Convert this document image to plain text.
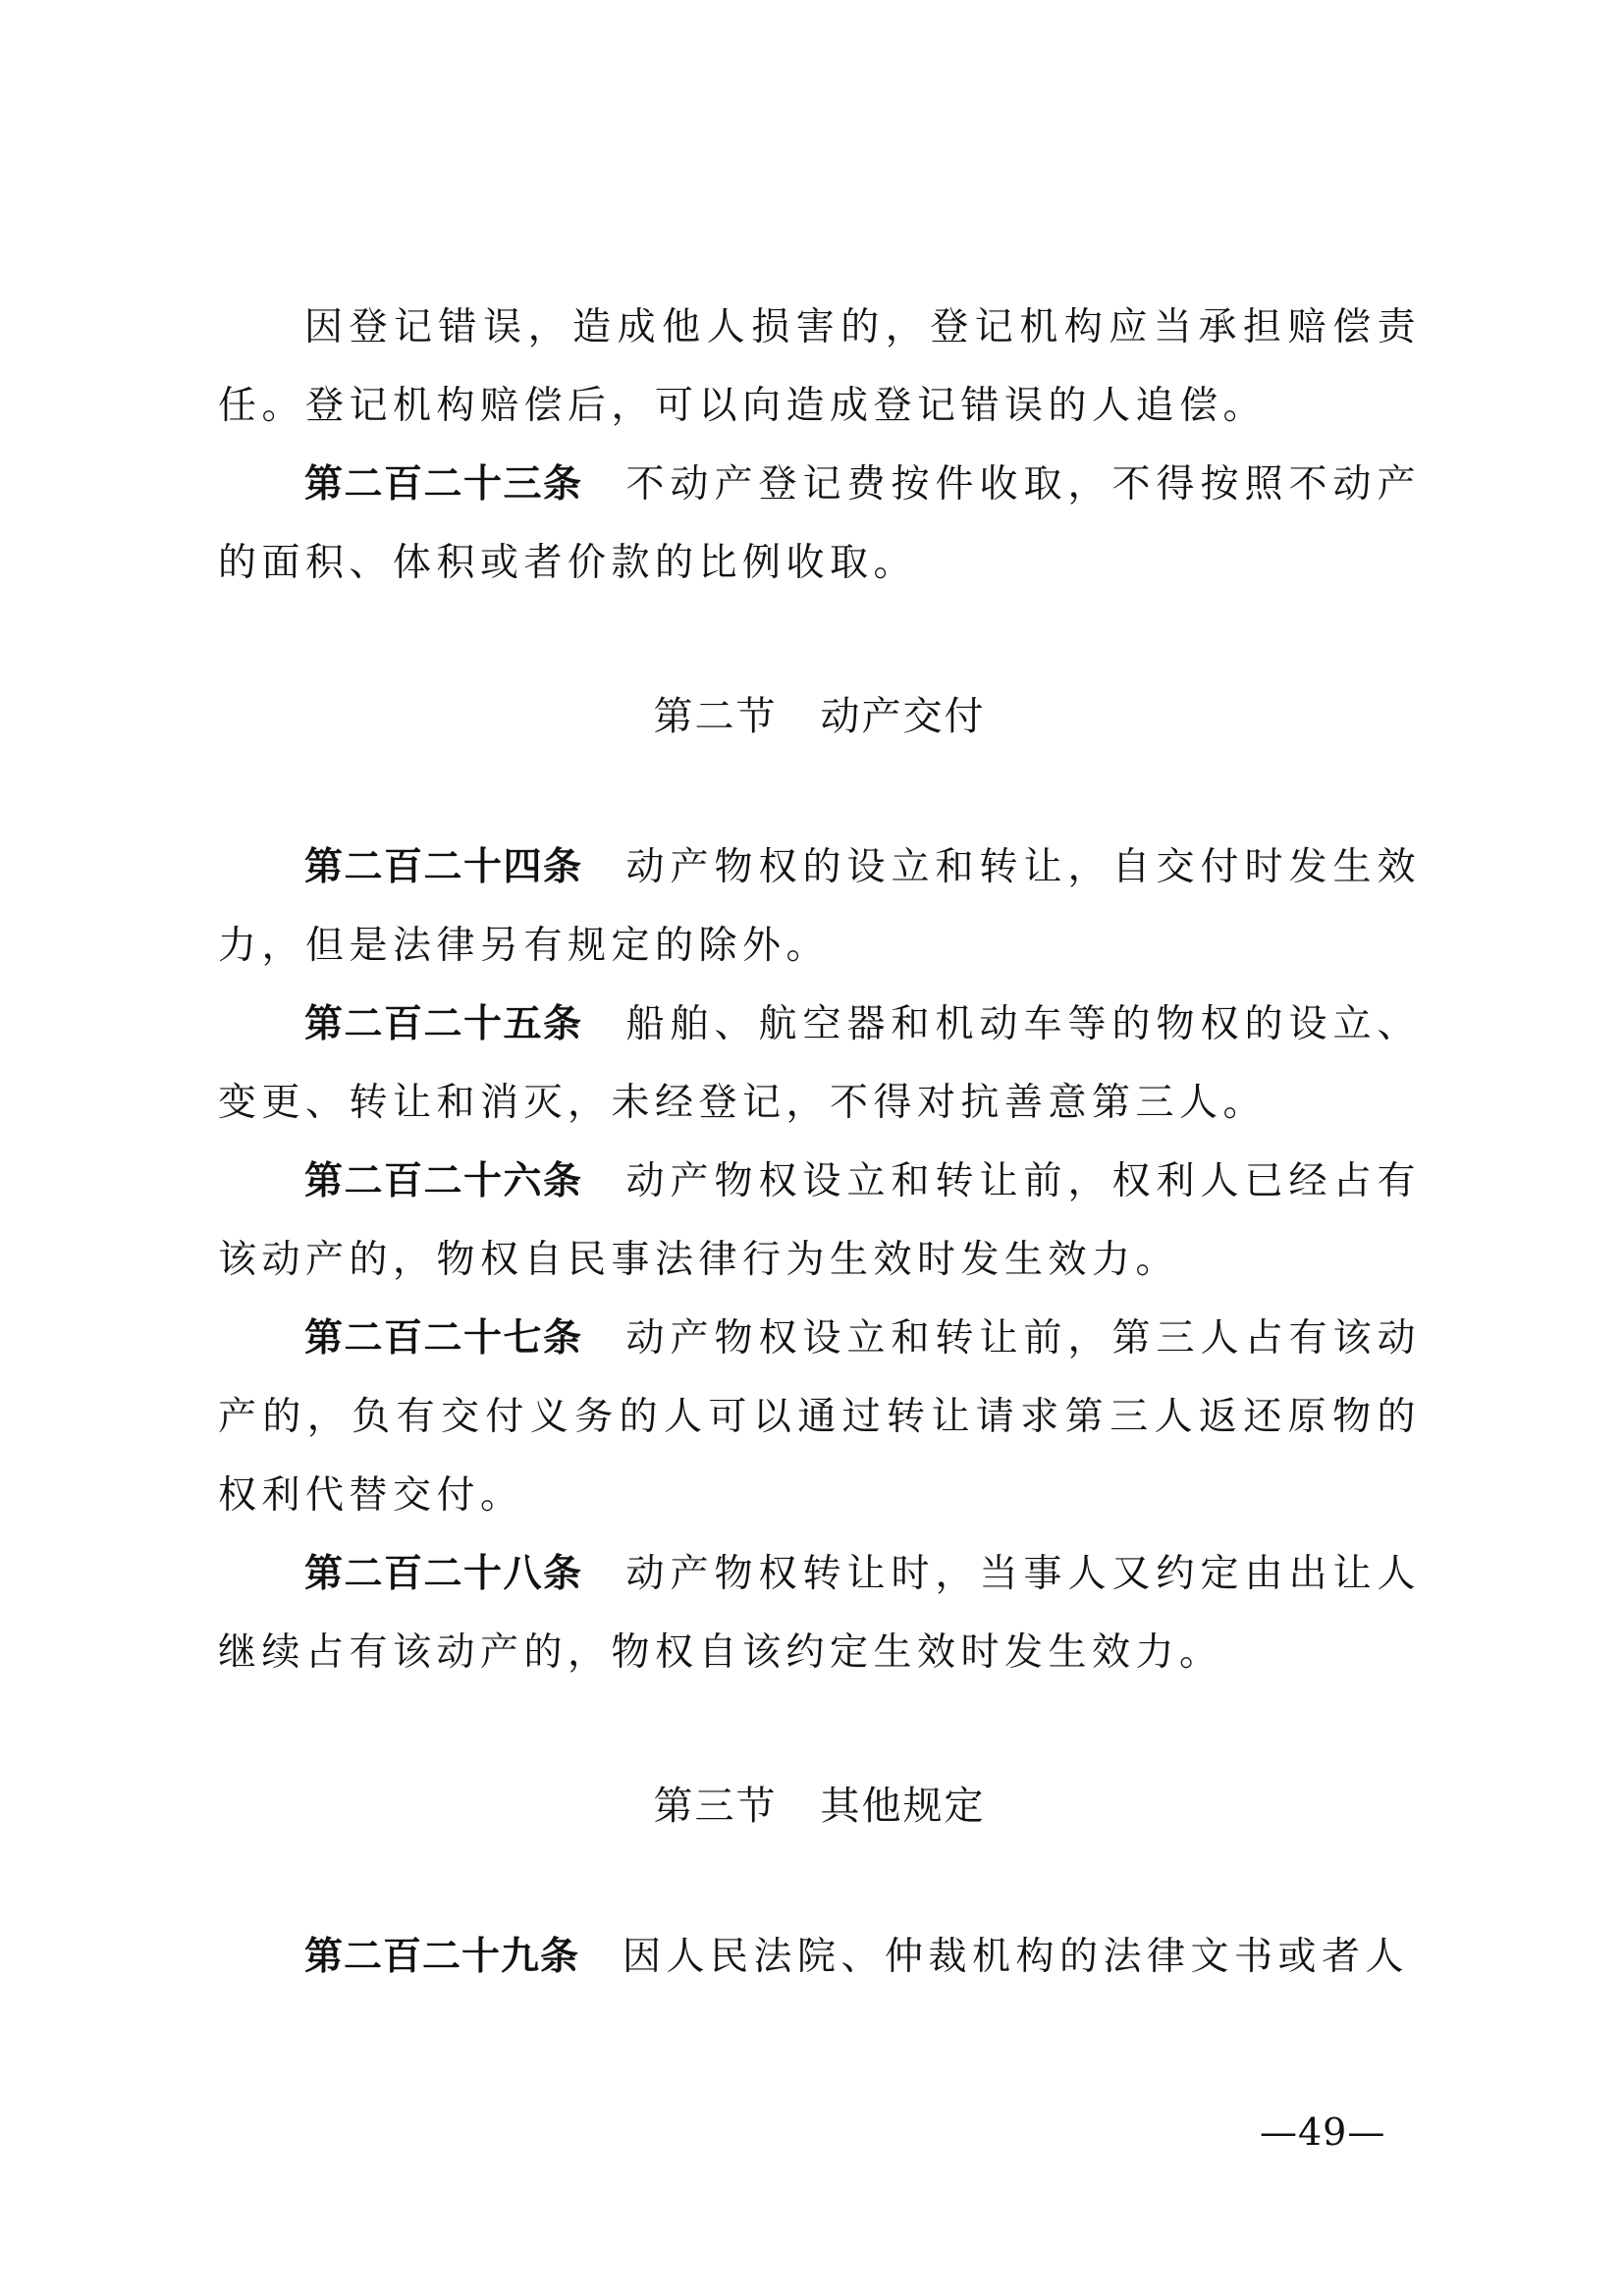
因登记错误，造成他人损害的，登记机构应当承担赔偿责任。登记机构赔偿后，可以向造成登记错误的人追偿。

第二百二十三条 不动产登记费按件收取，不得按照不动产的面积、体积或者价款的比例收取。

第二节 动产交付

第二百二十四条 动产物权的设立和转让，自交付时发生效力，但是法律另有规定的除外。

第二百二十五条 船舶、航空器和机动车等的物权的设立、变更、转让和消灭，未经登记，不得对抗善意第三人。

第二百二十六条 动产物权设立和转让前，权利人已经占有该动产的，物权自民事法律行为生效时发生效力。

第二百二十七条 动产物权设立和转让前，第三人占有该动产的，负有交付义务的人可以通过转让请求第三人返还原物的权利代替交付。

第二百二十八条 动产物权转让时，当事人又约定由出让人继续占有该动产的，物权自该约定生效时发生效力。

第三节 其他规定

第二百二十九条 因人民法院、仲裁机构的法律文书或者人

—49—
